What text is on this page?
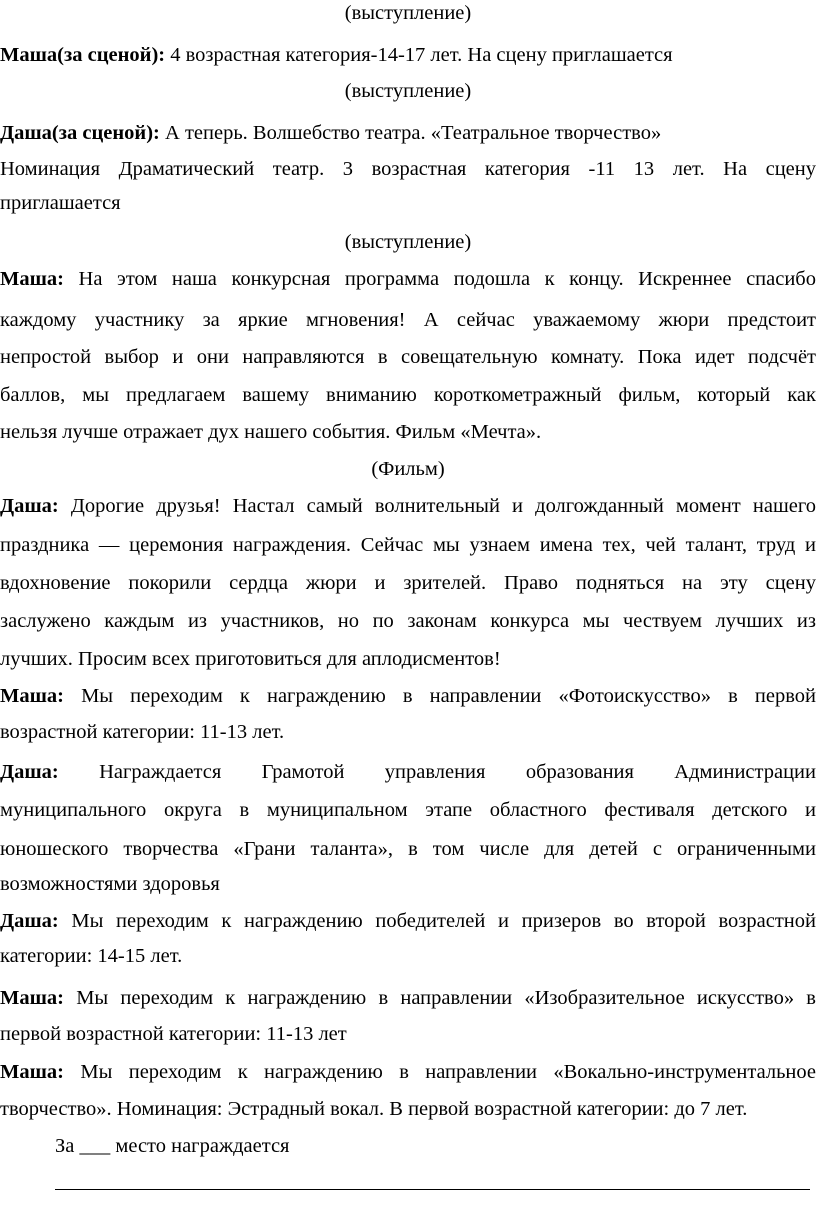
(выступление)
Маша(за сценой): 4 возрастная категория-14-17 лет. На сцену приглашается
(выступление)
Даша(за сценой): А теперь. Волшебство театра. «Театральное творчество»
Номинация Драматический театр. 3 возрастная категория -11 13 лет. На сцену
приглашается
(выступление)
Маша: На этом наша конкурсная программа подошла к концу. Искреннее спасибо
каждому участнику за яркие мгновения! А сейчас уважаемому жюри предстоит
непростой выбор и они направляются в совещательную комнату. Пока идет подсчёт
баллов, мы предлагаем вашему вниманию короткометражный фильм, который как
нельзя лучше отражает дух нашего события. Фильм «Мечта».
(Фильм)
Даша: Дорогие друзья! Настал самый волнительный и долгожданный момент нашего
праздника — церемония награждения. Сейчас мы узнаем имена тех, чей талант, труд и
вдохновение покорили сердца жюри и зрителей. Право подняться на эту сцену
заслужено каждым из участников, но по законам конкурса мы чествуем лучших из
лучших. Просим всех приготовиться для аплодисментов!
Маша: Мы переходим к награждению в направлении «Фотоискусство» в первой
возрастной категории: 11-13 лет.
Даша: Награждается Грамотой управления образования Администрации
муниципального округа в муниципальном этапе областного фестиваля детского и
юношеского творчества «Грани таланта», в том числе для детей с ограниченными
возможностями здоровья
Даша: Мы переходим к награждению победителей и призеров во второй возрастной
категории: 14-15 лет.
Маша: Мы переходим к награждению в направлении «Изобразительное искусство» в
первой возрастной категории: 11-13 лет
Маша: Мы переходим к награждению в направлении «Вокально-инструментальное
творчество». Номинация: Эстрадный вокал. В первой возрастной категории: до 7 лет.
За ___ место награждается
